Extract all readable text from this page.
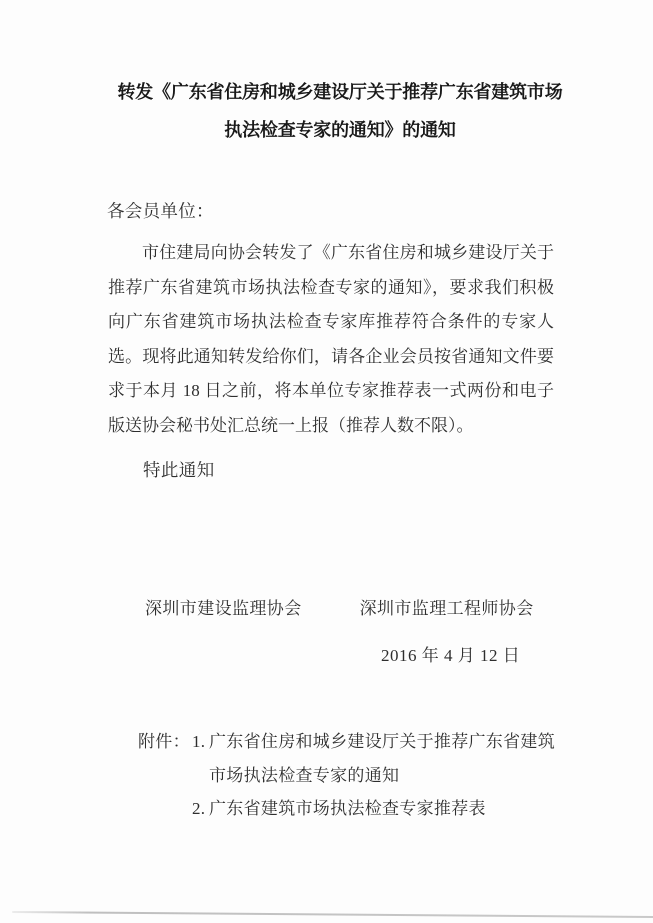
转发《广东省住房和城乡建设厅关于推荐广东省建筑市场
执法检查专家的通知》的通知
各会员单位：
市住建局向协会转发了《广东省住房和城乡建设厅关于推荐广东省建筑市场执法检查专家的通知》，要求我们积极向广东省建筑市场执法检查专家库推荐符合条件的专家人选。现将此通知转发给你们，请各企业会员按省通知文件要求于本月 18 日之前，将本单位专家推荐表一式两份和电子版送协会秘书处汇总统一上报（推荐人数不限）。
特此通知
深圳市建设监理协会	深圳市监理工程师协会
2016 年 4 月 12 日
附件： 1. 广东省住房和城乡建设厅关于推荐广东省建筑
市场执法检查专家的通知
2. 广东省建筑市场执法检查专家推荐表
